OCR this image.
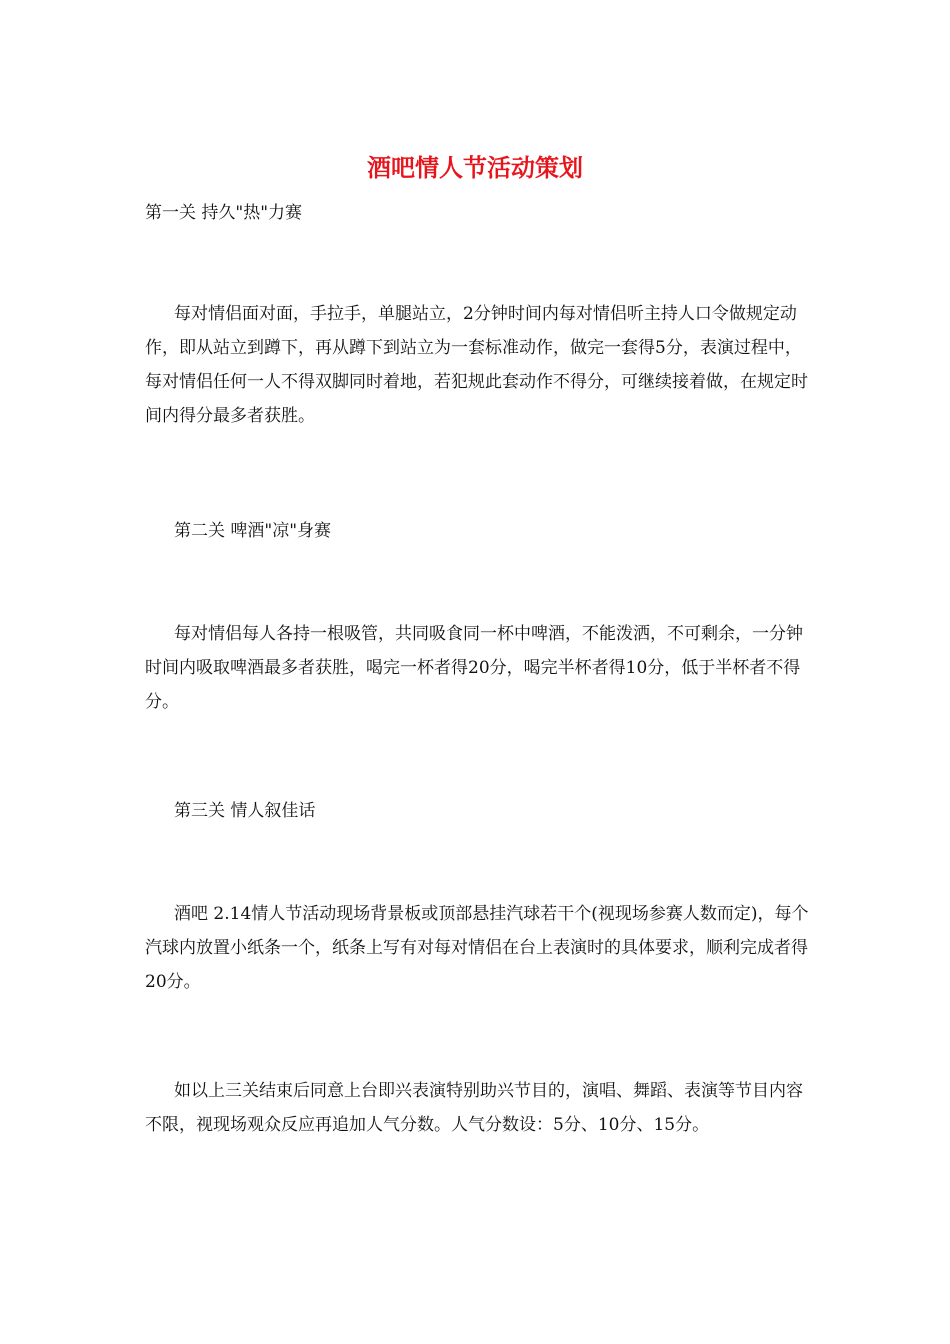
酒吧情人节活动策划

第一关 持久"热"力赛

每对情侣面对面，手拉手，单腿站立，2分钟时间内每对情侣听主持人口令做规定动作，即从站立到蹲下，再从蹲下到站立为一套标准动作，做完一套得5分，表演过程中，每对情侣任何一人不得双脚同时着地，若犯规此套动作不得分，可继续接着做，在规定时间内得分最多者获胜。

第二关 啤酒"凉"身赛

每对情侣每人各持一根吸管，共同吸食同一杯中啤酒，不能泼洒，不可剩余，一分钟时间内吸取啤酒最多者获胜，喝完一杯者得20分，喝完半杯者得10分，低于半杯者不得分。

第三关 情人叙佳话

酒吧 2.14情人节活动现场背景板或顶部悬挂汽球若干个(视现场参赛人数而定)，每个汽球内放置小纸条一个，纸条上写有对每对情侣在台上表演时的具体要求，顺利完成者得20分。

如以上三关结束后同意上台即兴表演特别助兴节目的，演唱、舞蹈、表演等节目内容不限，视现场观众反应再追加人气分数。人气分数设：5分、10分、15分。
